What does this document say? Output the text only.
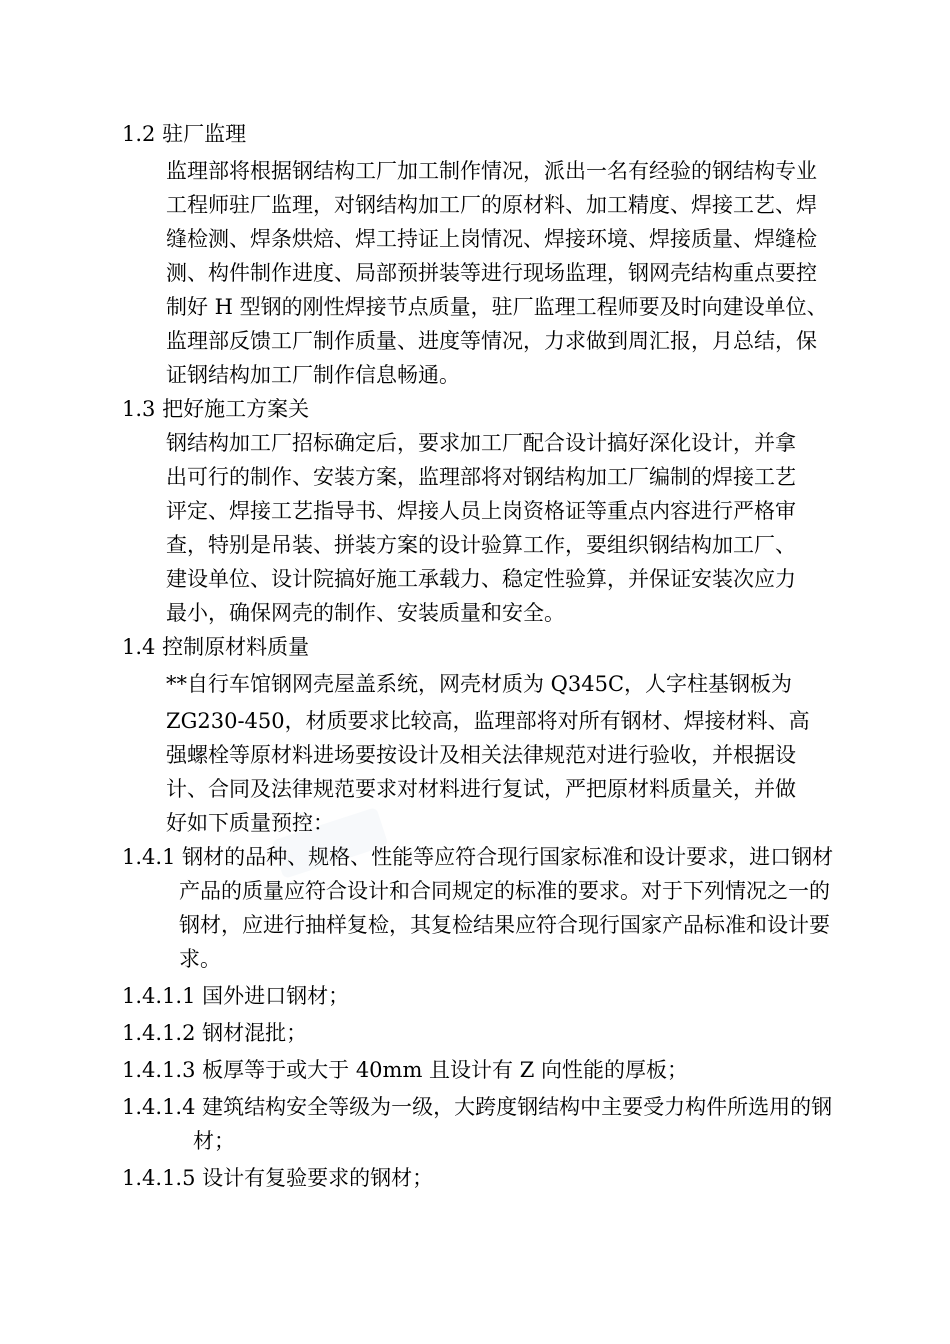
1.2 驻厂监理
监理部将根据钢结构工厂加工制作情况，派出一名有经验的钢结构专业
工程师驻厂监理，对钢结构加工厂的原材料、加工精度、焊接工艺、焊
缝检测、焊条烘焙、焊工持证上岗情况、焊接环境、焊接质量、焊缝检
测、构件制作进度、局部预拼装等进行现场监理，钢网壳结构重点要控
制好 H 型钢的刚性焊接节点质量，驻厂监理工程师要及时向建设单位、
监理部反馈工厂制作质量、进度等情况，力求做到周汇报，月总结，保
证钢结构加工厂制作信息畅通。
1.3 把好施工方案关
钢结构加工厂招标确定后，要求加工厂配合设计搞好深化设计，并拿
出可行的制作、安装方案，监理部将对钢结构加工厂编制的焊接工艺
评定、焊接工艺指导书、焊接人员上岗资格证等重点内容进行严格审
查，特别是吊装、拼装方案的设计验算工作，要组织钢结构加工厂、
建设单位、设计院搞好施工承载力、稳定性验算，并保证安装次应力
最小，确保网壳的制作、安装质量和安全。
1.4 控制原材料质量
**自行车馆钢网壳屋盖系统，网壳材质为 Q345C，人字柱基钢板为
ZG230-450，材质要求比较高，监理部将对所有钢材、焊接材料、高
强螺栓等原材料进场要按设计及相关法律规范对进行验收，并根据设
计、合同及法律规范要求对材料进行复试，严把原材料质量关，并做
好如下质量预控：
1.4.1 钢材的品种、规格、性能等应符合现行国家标准和设计要求，进口钢材
产品的质量应符合设计和合同规定的标准的要求。对于下列情况之一的
钢材，应进行抽样复检，其复检结果应符合现行国家产品标准和设计要
求。
1.4.1.1 国外进口钢材；
1.4.1.2 钢材混批；
1.4.1.3 板厚等于或大于 40mm 且设计有 Z 向性能的厚板；
1.4.1.4 建筑结构安全等级为一级，大跨度钢结构中主要受力构件所选用的钢
材；
1.4.1.5 设计有复验要求的钢材；
